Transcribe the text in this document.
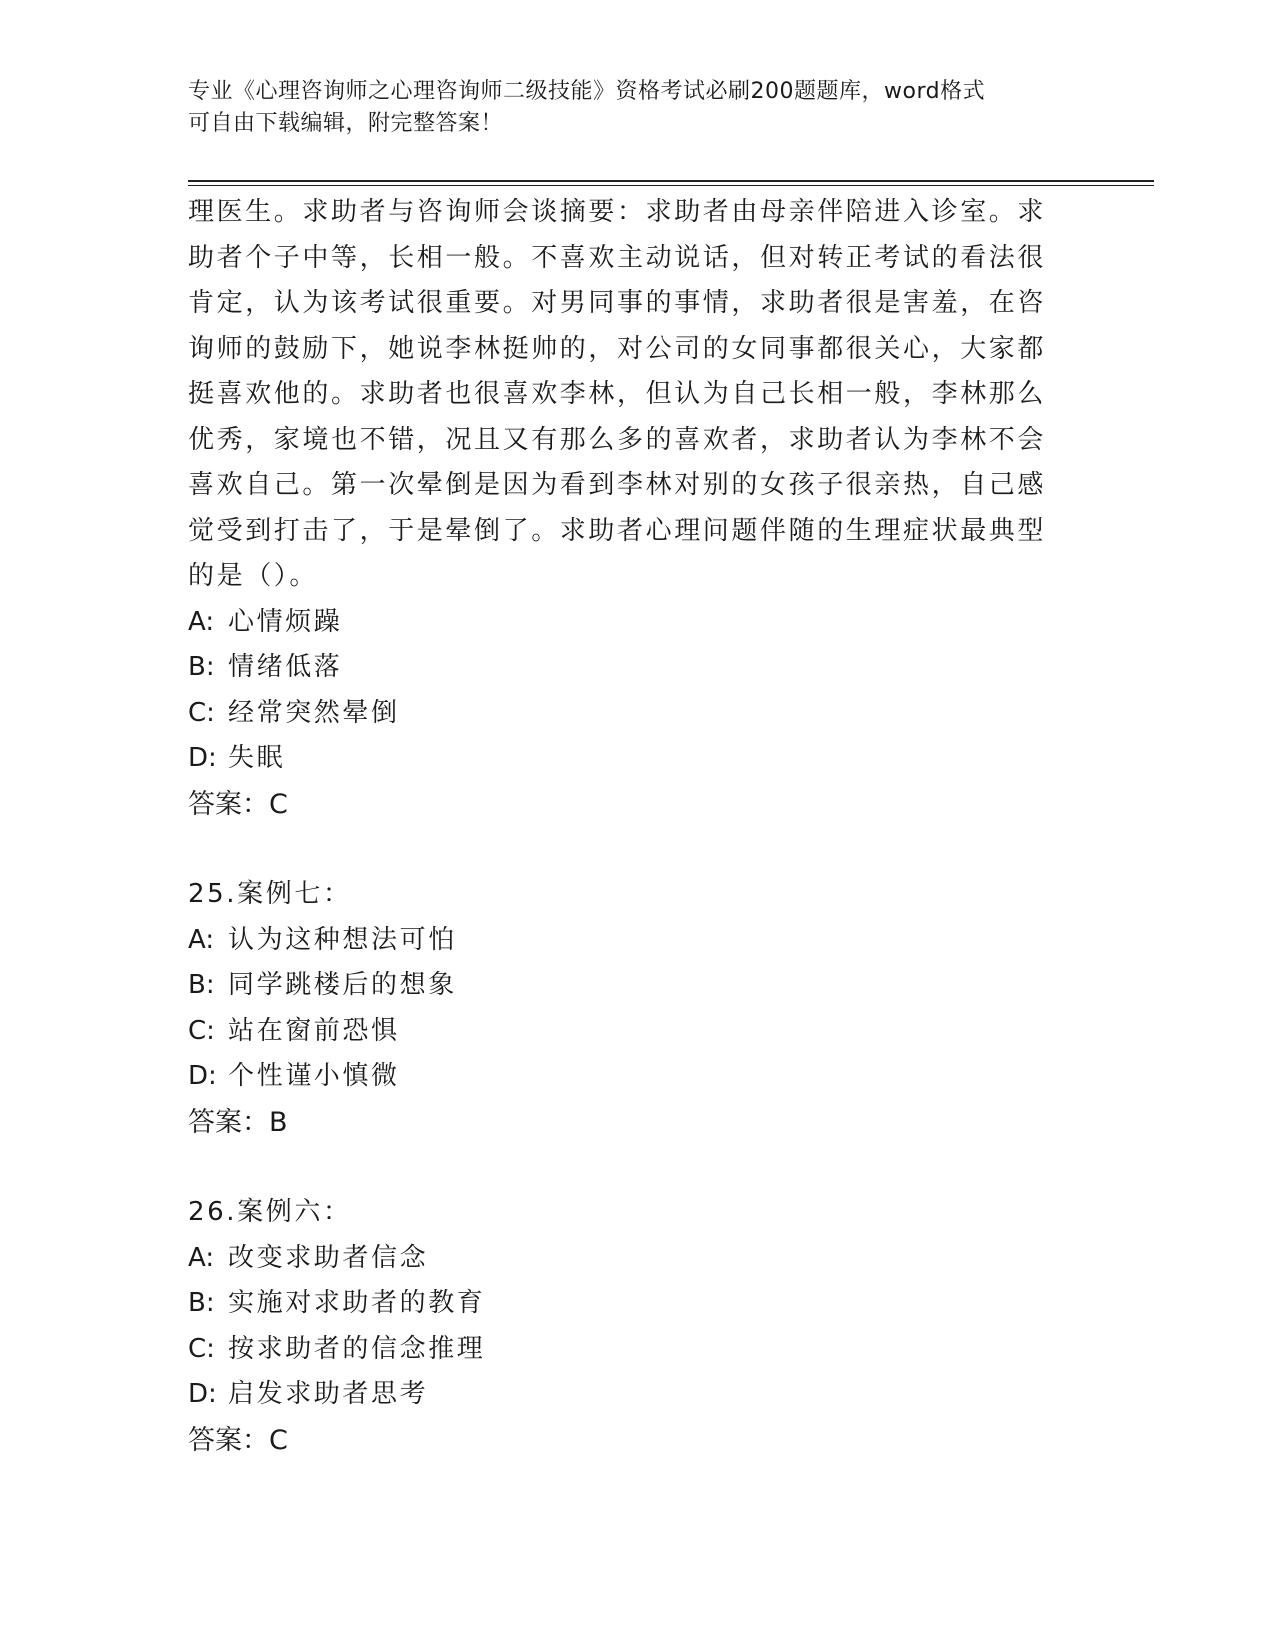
专业《心理咨询师之心理咨询师二级技能》资格考试必刷200题题库，word格式
可自由下载编辑，附完整答案！

理医生。求助者与咨询师会谈摘要：求助者由母亲伴陪进入诊室。求助者个子中等，长相一般。不喜欢主动说话，但对转正考试的看法很肯定，认为该考试很重要。对男同事的事情，求助者很是害羞，在咨询师的鼓励下，她说李林挺帅的，对公司的女同事都很关心，大家都挺喜欢他的。求助者也很喜欢李林，但认为自己长相一般，李林那么优秀，家境也不错，况且又有那么多的喜欢者，求助者认为李林不会喜欢自己。第一次晕倒是因为看到李林对别的女孩子很亲热，自己感觉受到打击了，于是晕倒了。求助者心理问题伴随的生理症状最典型的是（）。

A: 心情烦躁
B: 情绪低落
C: 经常突然晕倒
D: 失眠
答案：C
25.案例七：
A: 认为这种想法可怕
B: 同学跳楼后的想象
C: 站在窗前恐惧
D: 个性谨小慎微
答案：B
26.案例六：
A: 改变求助者信念
B: 实施对求助者的教育
C: 按求助者的信念推理
D: 启发求助者思考
答案：C
